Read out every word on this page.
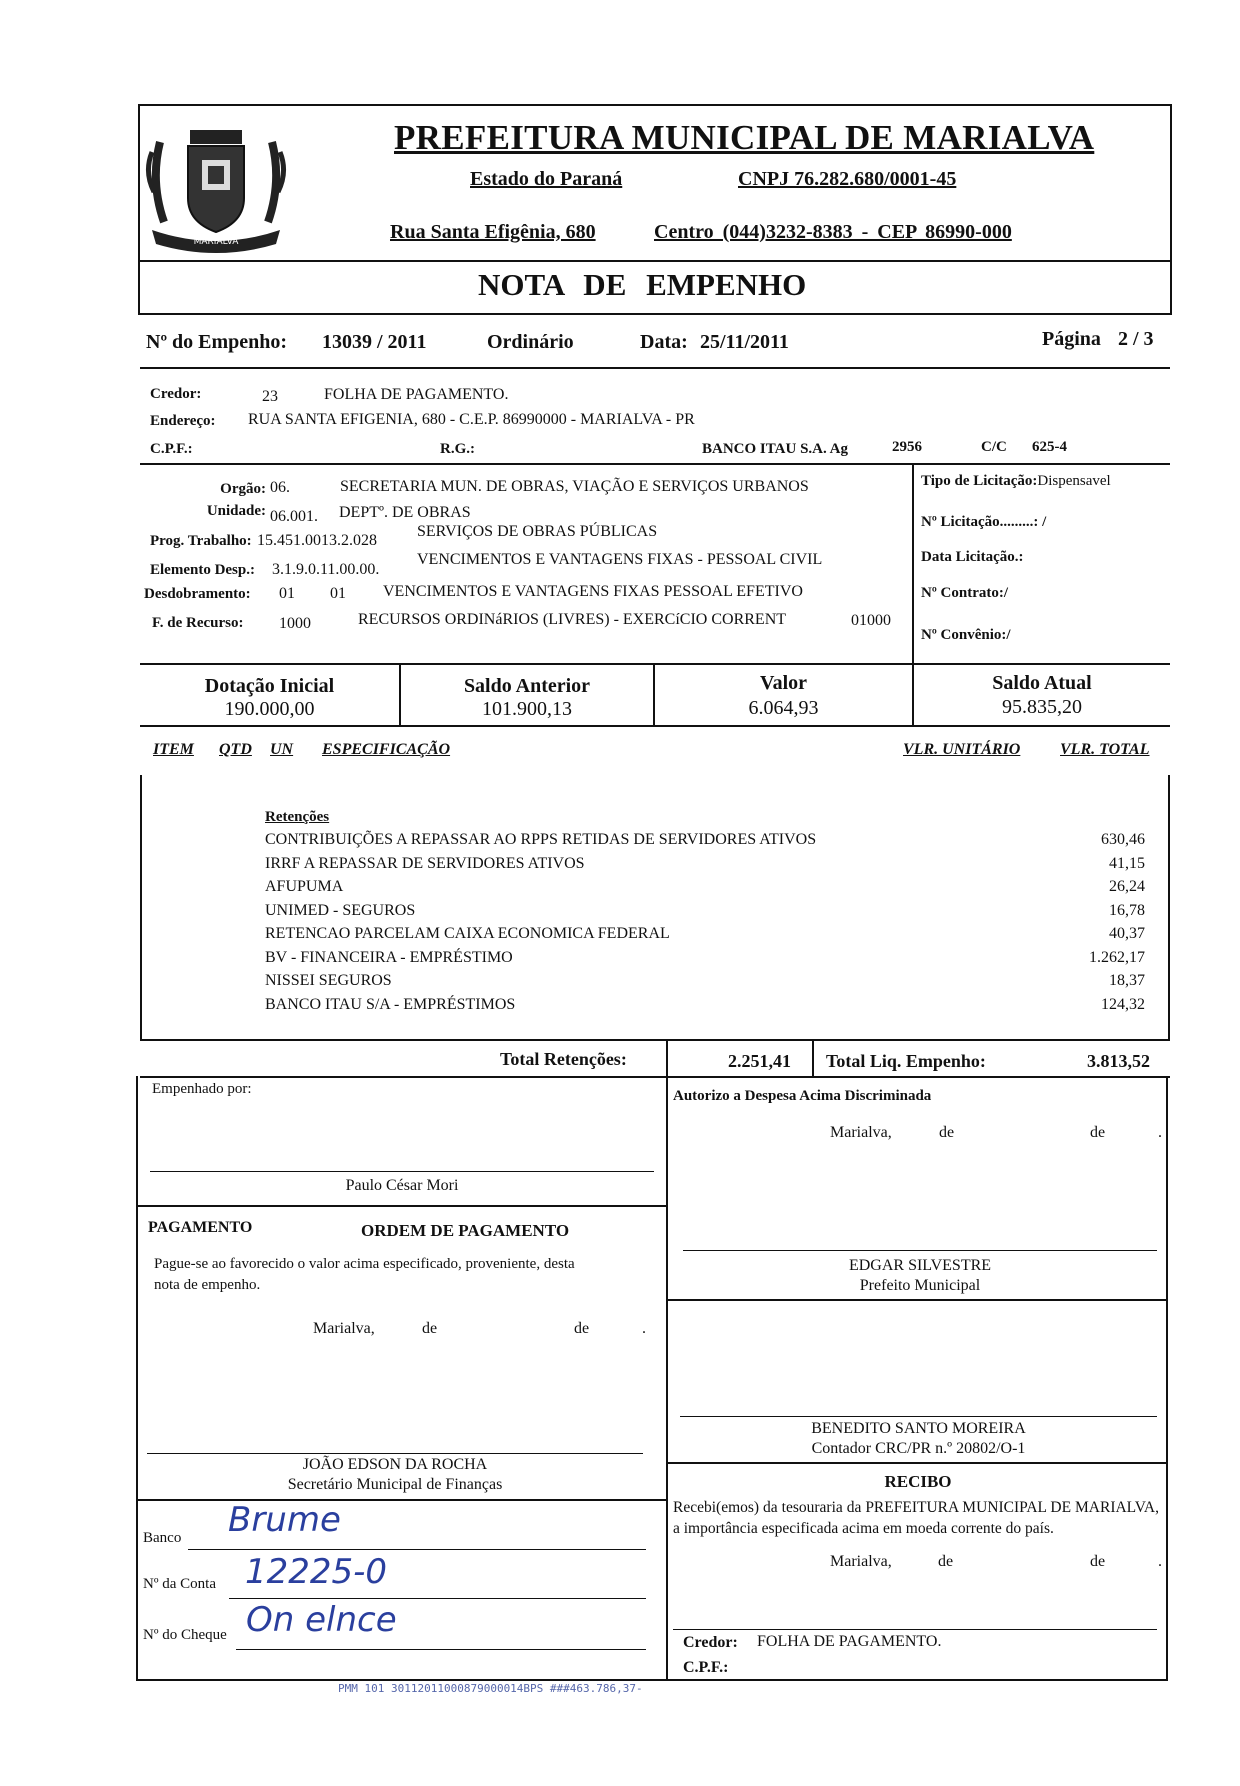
MARIALVA
PREFEITURA MUNICIPAL DE MARIALVA
Estado do Paraná	CNPJ 76.282.680/0001-45
Rua Santa Efigênia, 680	Centro (044)3232-8383 - CEP 86990-000
NOTA DE EMPENHO
Nº do Empenho: 13039 / 2011	Ordinário	Data: 25/11/2011	Página 2 / 3
Credor:	23	FOLHA DE PAGAMENTO.
Endereço: RUA SANTA EFIGENIA, 680 - C.E.P. 86990000 - MARIALVA - PR
C.P.F.:	R.G.:	BANCO ITAU S.A. Ag	2956	C/C 625-4
Orgão: 06.	SECRETARIA MUN. DE OBRAS, VIAÇÃO E SERVIÇOS URBANOS
Unidade: 06.001. DEPTº. DE OBRAS
Prog. Trabalho: 15.451.0013.2.028
SERVIÇOS DE OBRAS PÚBLICAS
Elemento Desp.: 3.1.9.0.11.00.00.
VENCIMENTOS E VANTAGENS FIXAS - PESSOAL CIVIL
Desdobramento: 01 01 VENCIMENTOS E VANTAGENS FIXAS PESSOAL EFETIVO
F. de Recurso: 1000	RECURSOS ORDINáRIOS (LIVRES) - EXERCíCIO CORRENT	01000
Tipo de Licitação:Dispensavel
Nº Licitação.........: /
Data Licitação.:
Nº Contrato:/
Nº Convênio:/
Dotação Inicial
190.000,00
Saldo Anterior
101.900,13
Valor
6.064,93
Saldo Atual
95.835,20
ITEM QTD UN ESPECIFICAÇÃO	VLR. UNITÁRIO VLR. TOTAL
Retenções
CONTRIBUIÇÕES A REPASSAR AO RPPS RETIDAS DE SERVIDORES ATIVOS	630,46
IRRF A REPASSAR DE SERVIDORES ATIVOS	41,15
AFUPUMA	26,24
UNIMED - SEGUROS	16,78
RETENCAO PARCELAM CAIXA ECONOMICA FEDERAL	40,37
BV - FINANCEIRA - EMPRÉSTIMO	1.262,17
NISSEI SEGUROS	18,37
BANCO ITAU S/A - EMPRÉSTIMOS	124,32
Total Retenções:	2.251,41 Total Liq. Empenho:	3.813,52
Empenhado por:
Paulo César Mori
Autorizo a Despesa Acima Discriminada
Marialva,	de	de	.
EDGAR SILVESTRE
Prefeito Municipal
BENEDITO SANTO MOREIRA
Contador CRC/PR n.º 20802/O-1
PAGAMENTO	ORDEM DE PAGAMENTO
Pague-se ao favorecido o valor acima especificado, proveniente, desta
nota de empenho.
Marialva,	de	de	.
JOÃO EDSON DA ROCHA
Secretário Municipal de Finanças
Banco Brume
Nº da Conta 12225-0
Nº do Cheque On elnce
RECIBO
Recebi(emos) da tesouraria da PREFEITURA MUNICIPAL DE MARIALVA, a importância especificada acima em moeda corrente do país.
Marialva,	de	de	.
Credor: FOLHA DE PAGAMENTO.
C.P.F.:
PMM 101 30112011000879000014BPS ###463.786,37-
